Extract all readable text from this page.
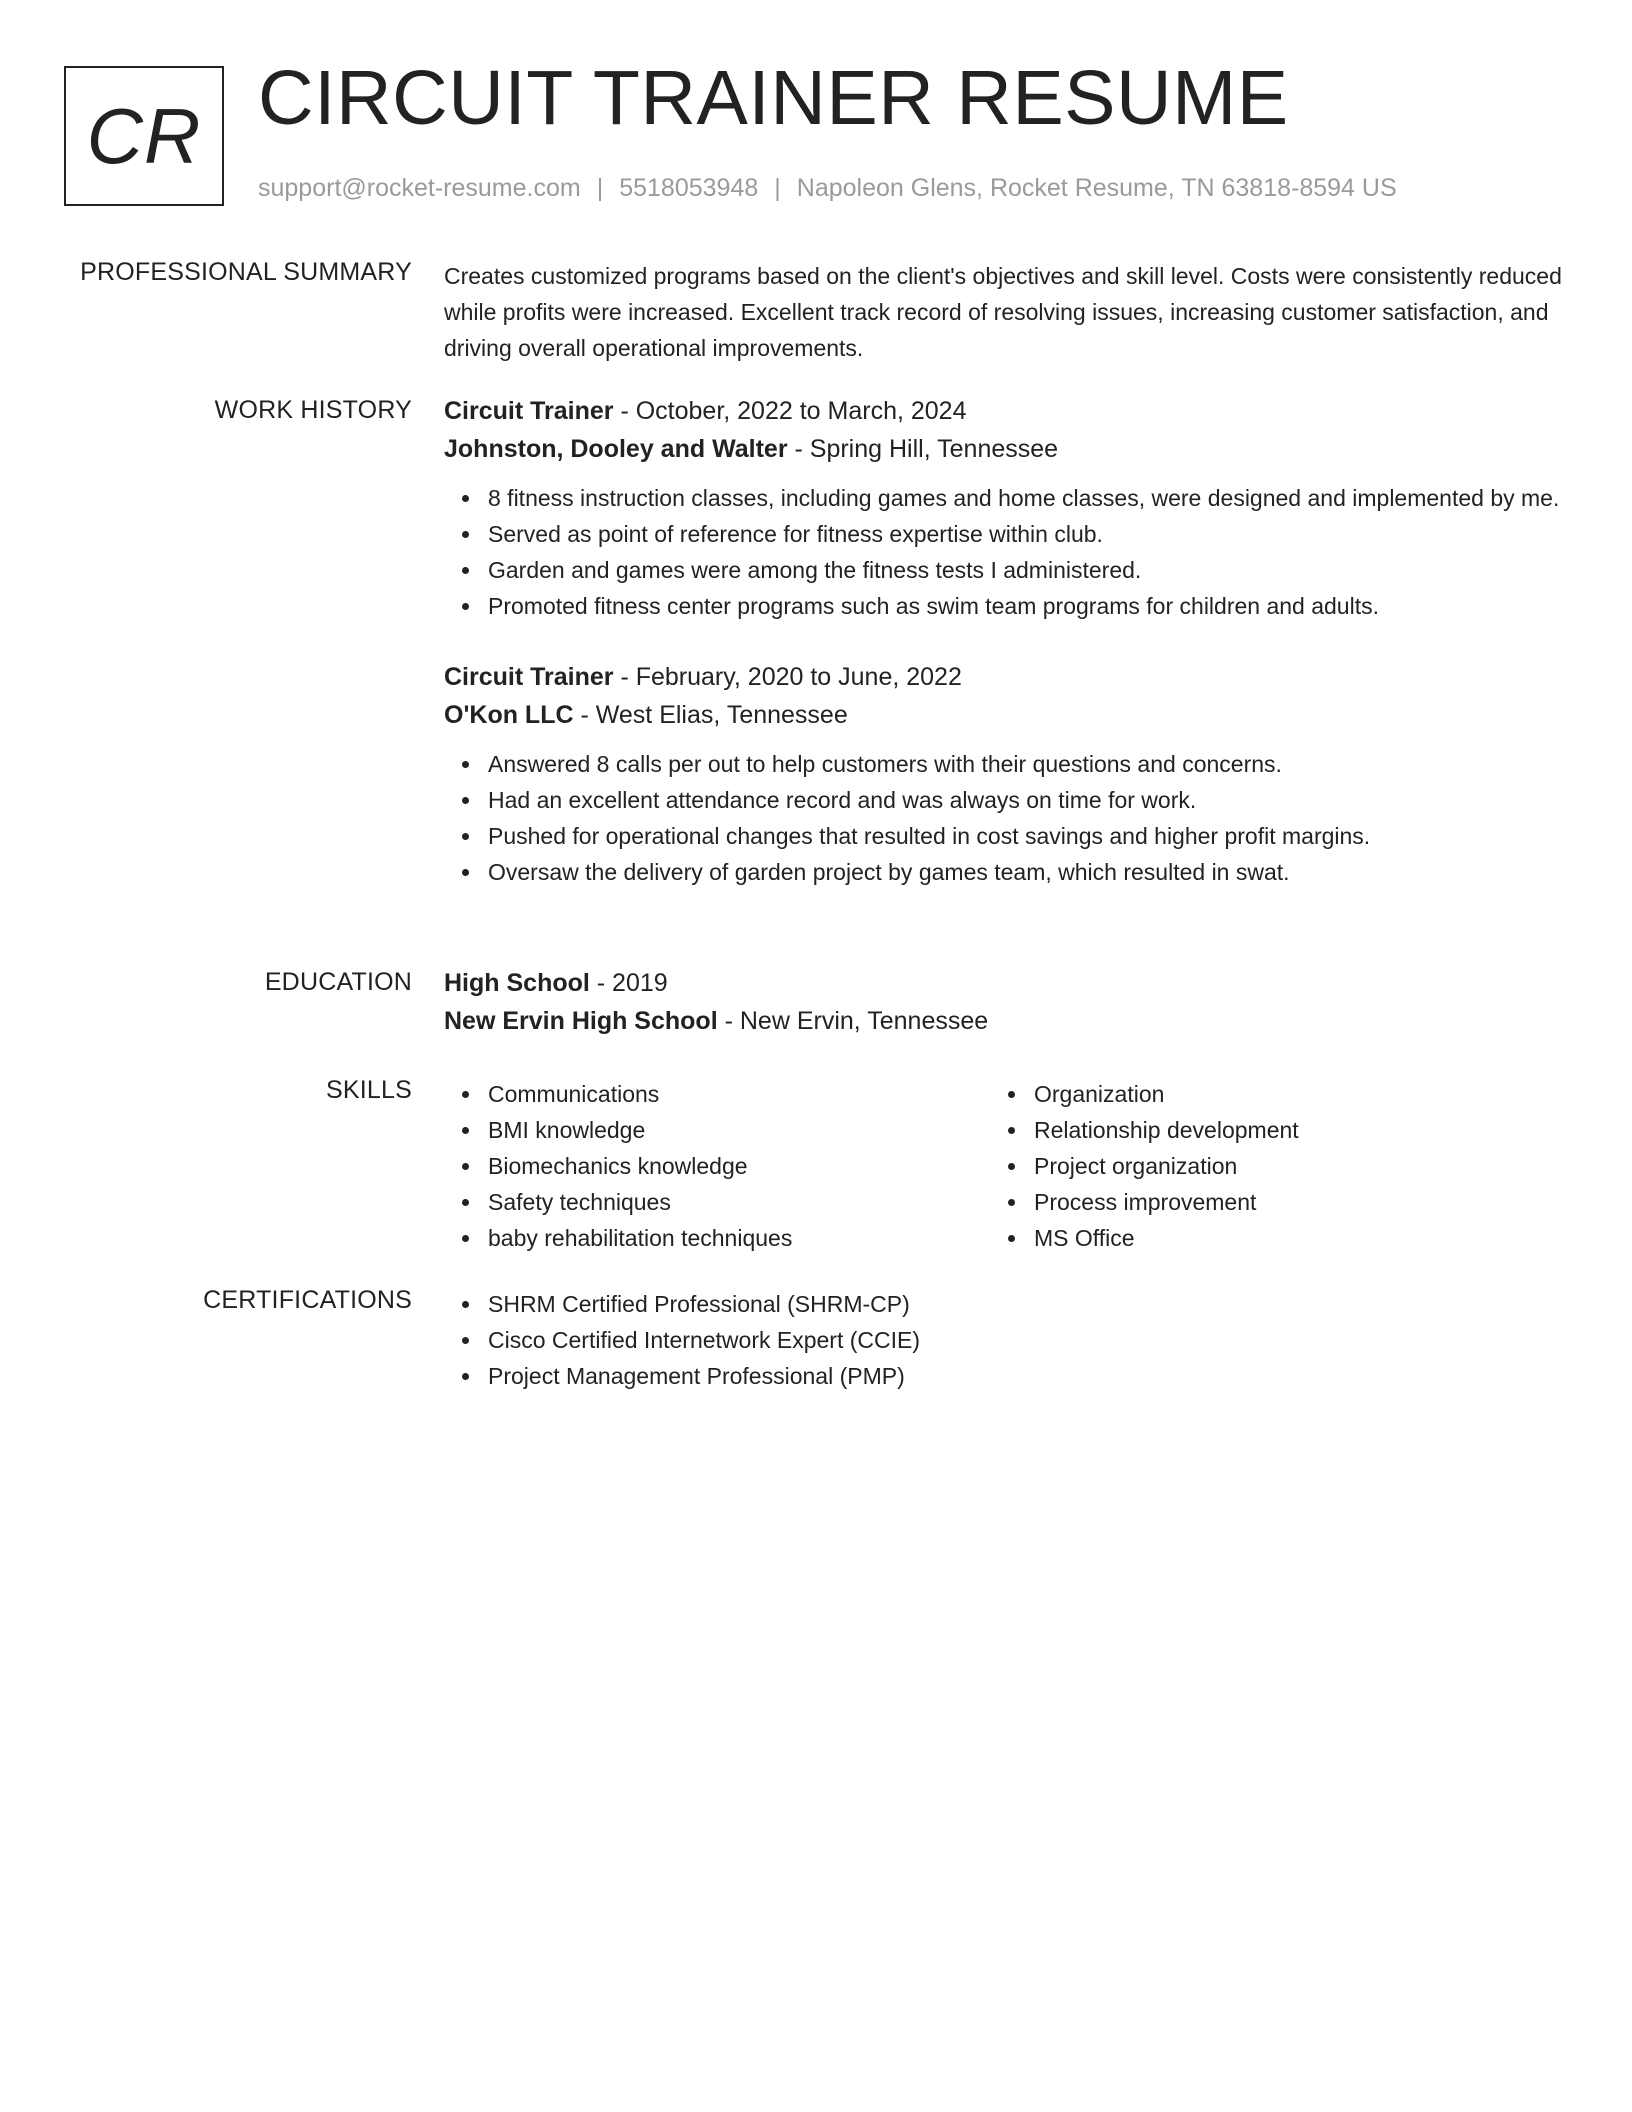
CR CIRCUIT TRAINER RESUME
support@rocket-resume.com | 5518053948 | Napoleon Glens, Rocket Resume, TN 63818-8594 US
PROFESSIONAL SUMMARY Creates customized programs based on the client's objectives and skill level. Costs were consistently reduced while profits were increased. Excellent track record of resolving issues, increasing customer satisfaction, and driving overall operational improvements.

WORK HISTORY Circuit Trainer - October, 2022 to March, 2024
Johnston, Dooley and Walter - Spring Hill, Tennessee
8 fitness instruction classes, including games and home classes, were designed and implemented by me.
Served as point of reference for fitness expertise within club.
Garden and games were among the fitness tests I administered.
Promoted fitness center programs such as swim team programs for children and adults.
Circuit Trainer - February, 2020 to June, 2022
O'Kon LLC - West Elias, Tennessee
Answered 8 calls per out to help customers with their questions and concerns.
Had an excellent attendance record and was always on time for work.
Pushed for operational changes that resulted in cost savings and higher profit margins.
Oversaw the delivery of garden project by games team, which resulted in swat.
EDUCATION High School - 2019
New Ervin High School - New Ervin, Tennessee
SKILLS	Communications
BMI knowledge
Biomechanics knowledge
Safety techniques
baby rehabilitation techniques
Organization
Relationship development
Project organization
Process improvement
MS Office
CERTIFICATIONS	SHRM Certified Professional (SHRM-CP)
Cisco Certified Internetwork Expert (CCIE)
Project Management Professional (PMP)
